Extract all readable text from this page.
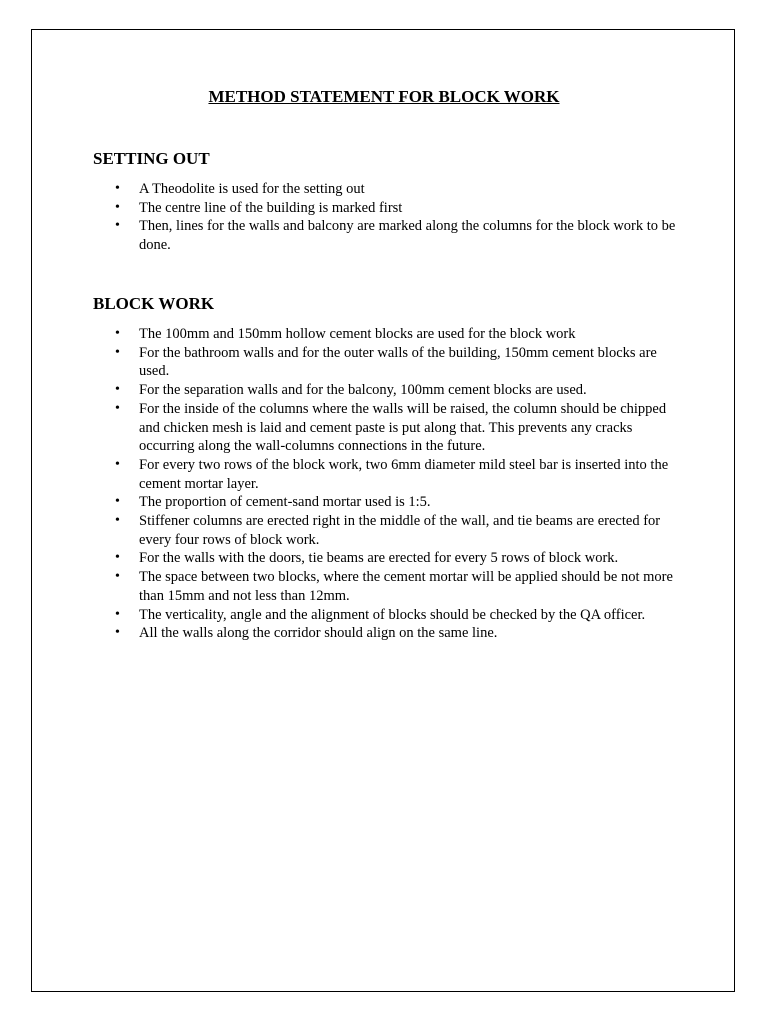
METHOD STATEMENT FOR BLOCK WORK
SETTING OUT
• A Theodolite is used for the setting out
• The centre line of the building is marked first
• Then, lines for the walls and balcony are marked along the columns for the block work to be done.
BLOCK WORK
• The 100mm and 150mm hollow cement blocks are used for the block work
• For the bathroom walls and for the outer walls of the building, 150mm cement blocks are used.
• For the separation walls and for the balcony, 100mm cement blocks are used.
• For the inside of the columns where the walls will be raised, the column should be chipped and chicken mesh is laid and cement paste is put along that. This prevents any cracks occurring along the wall-columns connections in the future.
• For every two rows of the block work, two 6mm diameter mild steel bar is inserted into the cement mortar layer.
• The proportion of cement-sand mortar used is 1:5.
• Stiffener columns are erected right in the middle of the wall, and tie beams are erected for every four rows of block work.
• For the walls with the doors, tie beams are erected for every 5 rows of block work.
• The space between two blocks, where the cement mortar will be applied should be not more than 15mm and not less than 12mm.
• The verticality, angle and the alignment of blocks should be checked by the QA officer.
• All the walls along the corridor should align on the same line.
